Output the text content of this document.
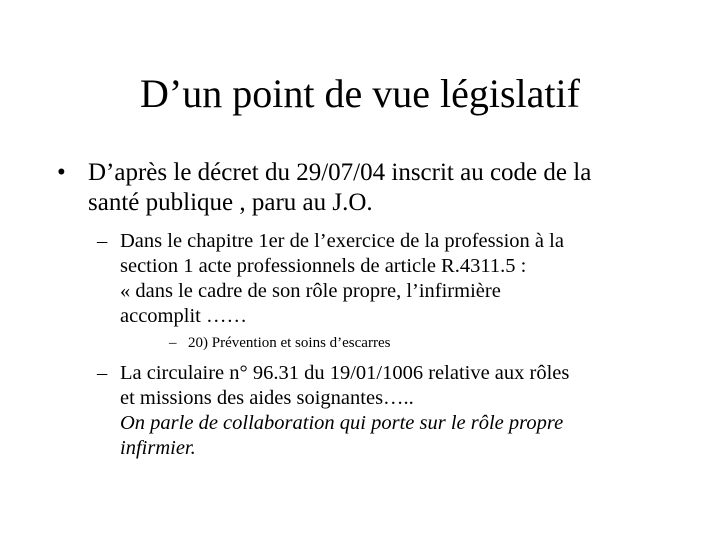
D’un point de vue législatif
• D’après le décret du 29/07/04 inscrit au code de la
santé publique , paru au J.O.
– Dans le chapitre 1er de l’exercice de la profession à la
section 1 acte professionnels de article R.4311.5 :
« dans le cadre de son rôle propre, l’infirmière
accomplit ……
– 20) Prévention et soins d’escarres
– La circulaire n° 96.31 du 19/01/1006 relative aux rôles
et missions des aides soignantes…..
On parle de collaboration qui porte sur le rôle propre
infirmier.
